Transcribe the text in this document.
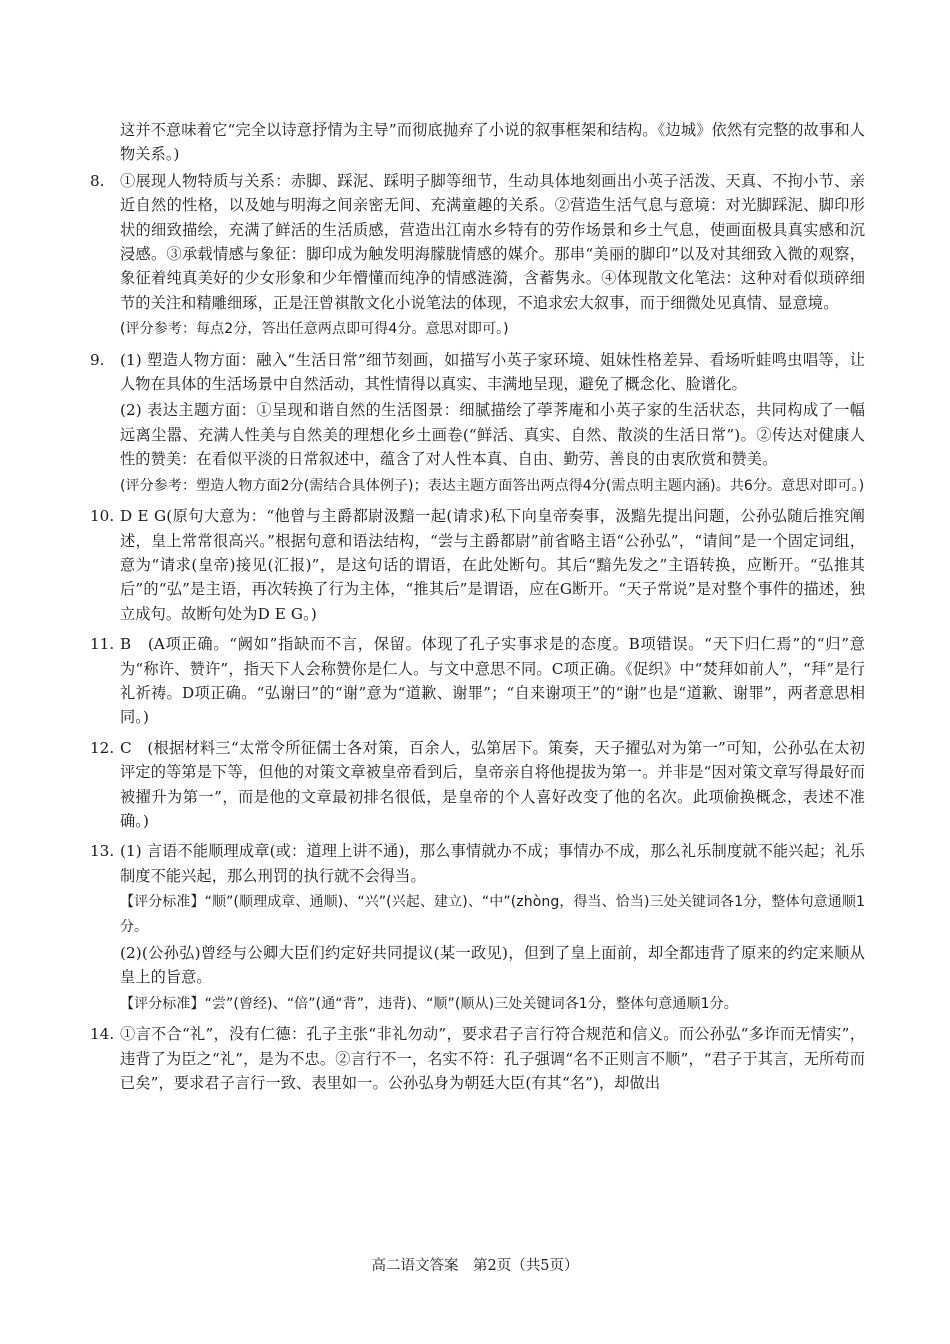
这并不意味着它“完全以诗意抒情为主导”而彻底抛弃了小说的叙事框架和结构。《边城》依然有完整的故事和人物关系。)

8.	①展现人物特质与关系：赤脚、踩泥、踩明子脚等细节，生动具体地刻画出小英子活泼、天真、不拘小节、亲近自然的性格，以及她与明海之间亲密无间、充满童趣的关系。②营造生活气息与意境：对光脚踩泥、脚印形状的细致描绘，充满了鲜活的生活质感，营造出江南水乡特有的劳作场景和乡土气息，使画面极具真实感和沉浸感。③承载情感与象征：脚印成为触发明海朦胧情感的媒介。那串“美丽的脚印”以及对其细致入微的观察，象征着纯真美好的少女形象和少年懵懂而纯净的情感涟漪，含蓄隽永。④体现散文化笔法：这种对看似琐碎细节的关注和精雕细琢，正是汪曾祺散文化小说笔法的体现，不追求宏大叙事，而于细微处见真情、显意境。

(评分参考：每点2分，答出任意两点即可得4分。意思对即可。)

9.	(1) 塑造人物方面：融入“生活日常”细节刻画，如描写小英子家环境、姐妹性格差异、看场听蛙鸣虫唱等，让人物在具体的生活场景中自然活动，其性情得以真实、丰满地呈现，避免了概念化、脸谱化。

(2) 表达主题方面：①呈现和谐自然的生活图景：细腻描绘了荸荠庵和小英子家的生活状态，共同构成了一幅远离尘嚣、充满人性美与自然美的理想化乡土画卷(“鲜活、真实、自然、散淡的生活日常”)。②传达对健康人性的赞美：在看似平淡的日常叙述中，蕴含了对人性本真、自由、勤劳、善良的由衷欣赏和赞美。

(评分参考：塑造人物方面2分(需结合具体例子)；表达主题方面答出两点得4分(需点明主题内涵)。共6分。意思对即可。)

10. D E G(原句大意为：“他曾与主爵都尉汲黯一起(请求)私下向皇帝奏事，汲黯先提出问题，公孙弘随后推究阐述，皇上常常很高兴。”根据句意和语法结构，“尝与主爵都尉”前省略主语“公孙弘”，“请间”是一个固定词组，意为“请求(皇帝)接见(汇报)”，是这句话的谓语，在此处断句。其后“黯先发之”主语转换，应断开。“弘推其后”的“弘”是主语，再次转换了行为主体，“推其后”是谓语，应在G断开。“天子常说”是对整个事件的描述，独立成句。故断句处为D E G。)

11. B　(A项正确。“阙如”指缺而不言，保留。体现了孔子实事求是的态度。B项错误。“天下归仁焉”的“归”意为“称许、赞许”，指天下人会称赞你是仁人。与文中意思不同。C项正确。《促织》中“焚拜如前人”，“拜”是行礼祈祷。D项正确。“弘谢曰”的“谢”意为“道歉、谢罪”；“自来谢项王”的“谢”也是“道歉、谢罪”，两者意思相同。)

12. C　(根据材料三“太常令所征儒士各对策，百余人，弘第居下。策奏，天子擢弘对为第一”可知，公孙弘在太初评定的等第是下等，但他的对策文章被皇帝看到后，皇帝亲自将他提拔为第一。并非是“因对策文章写得最好而被擢升为第一”，而是他的文章最初排名很低，是皇帝的个人喜好改变了他的名次。此项偷换概念，表述不准确。)

13. (1) 言语不能顺理成章(或：道理上讲不通)，那么事情就办不成；事情办不成，那么礼乐制度就不能兴起；礼乐制度不能兴起，那么刑罚的执行就不会得当。

【评分标准】“顺”(顺理成章、通顺)、“兴”(兴起、建立)、“中”(zhòng，得当、恰当)三处关键词各1分，整体句意通顺1分。

(2)(公孙弘)曾经与公卿大臣们约定好共同提议(某一政见)，但到了皇上面前，却全都违背了原来的约定来顺从皇上的旨意。

【评分标准】“尝”(曾经)、“倍”(通“背”，违背)、“顺”(顺从)三处关键词各1分，整体句意通顺1分。

14. ①言不合“礼”，没有仁德：孔子主张“非礼勿动”，要求君子言行符合规范和信义。而公孙弘“多诈而无情实”，违背了为臣之“礼”，是为不忠。②言行不一，名实不符：孔子强调“名不正则言不顺”，“君子于其言，无所苟而已矣”，要求君子言行一致、表里如一。公孙弘身为朝廷大臣(有其“名”)，却做出

高二语文答案　第2页（共5页）
